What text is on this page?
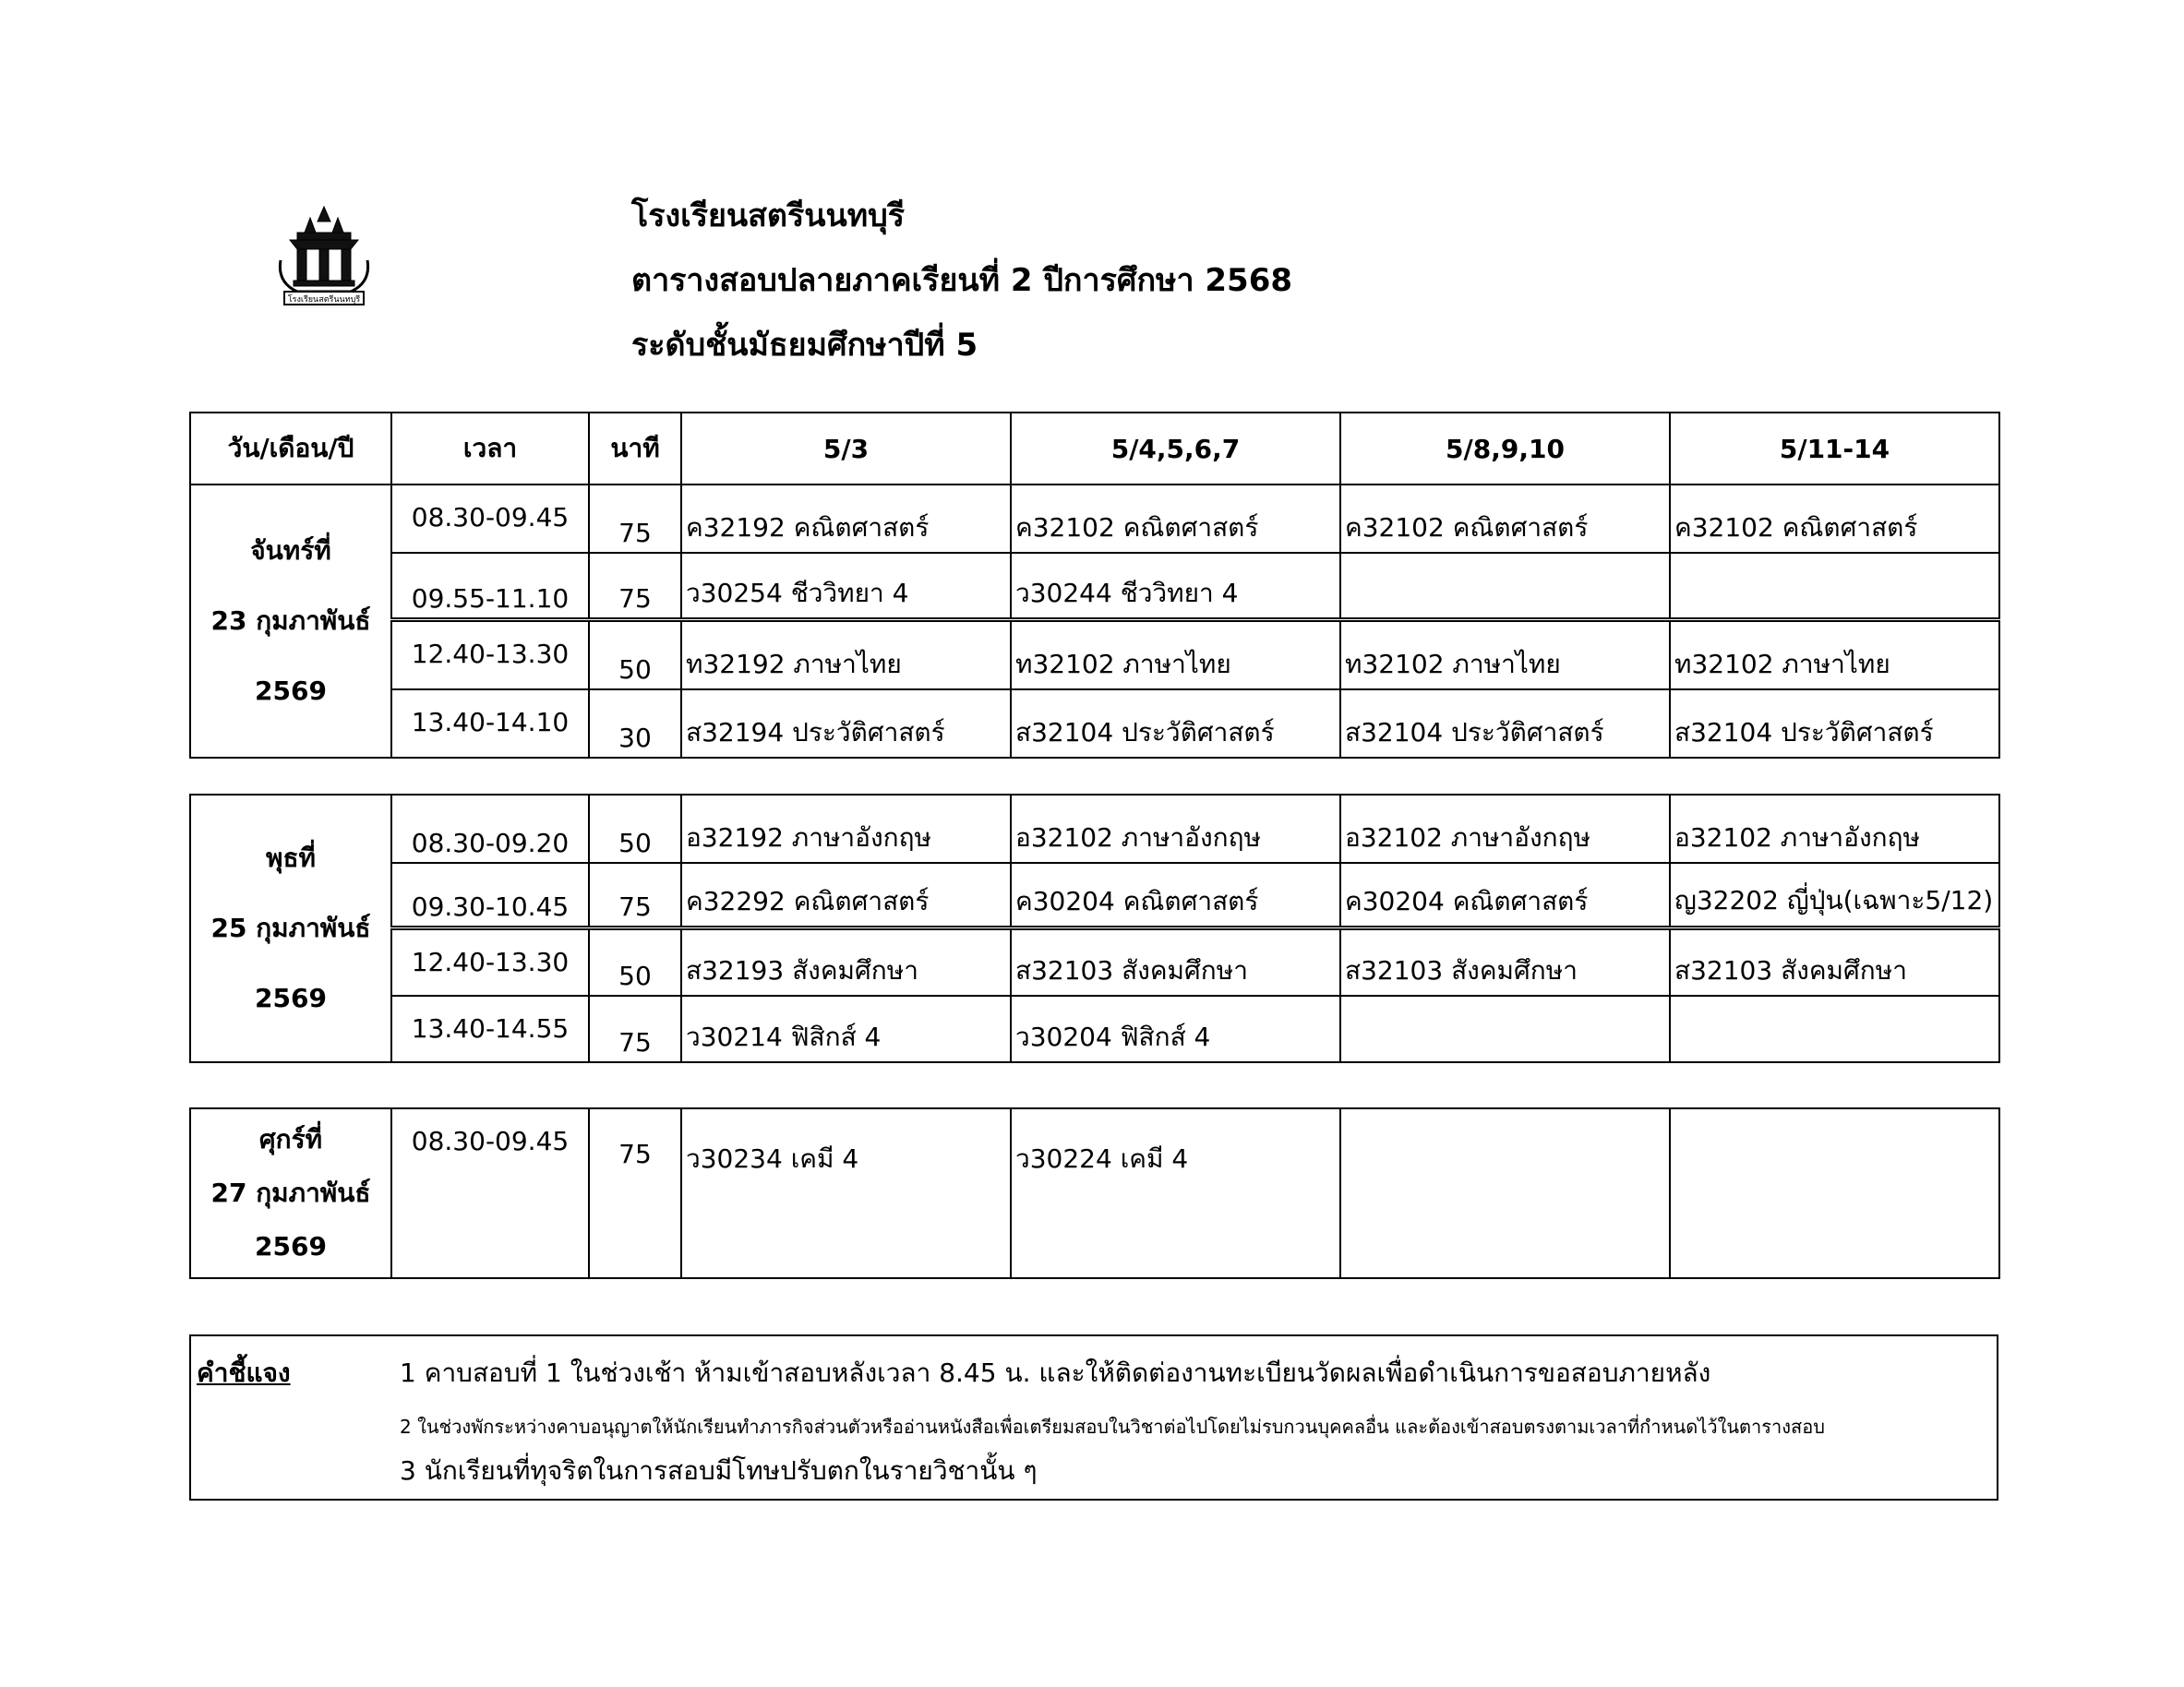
โรงเรียนสตรีนนทบุรี
โรงเรียนสตรีนนทบุรี
ตารางสอบปลายภาคเรียนที่ 2 ปีการศึกษา 2568
ระดับชั้นมัธยมศึกษาปีที่ 5
วัน/เดือน/ปี	เวลา	นาที	5/3	5/4,5,6,7	5/8,9,10	5/11-14

จันทร์ที่
23 กุมภาพันธ์
2569	08.30-09.45	75	ค32192 คณิตศาสตร์	ค32102 คณิตศาสตร์	ค32102 คณิตศาสตร์	ค32102 คณิตศาสตร์
	09.55-11.10	75	ว30254 ชีววิทยา 4	ว30244 ชีววิทยา 4		
	12.40-13.30	50	ท32192 ภาษาไทย	ท32102 ภาษาไทย	ท32102 ภาษาไทย	ท32102 ภาษาไทย
	13.40-14.10	30	ส32194 ประวัติศาสตร์	ส32104 ประวัติศาสตร์	ส32104 ประวัติศาสตร์	ส32104 ประวัติศาสตร์
พุธที่
25 กุมภาพันธ์
2569	08.30-09.20	50	อ32192 ภาษาอังกฤษ	อ32102 ภาษาอังกฤษ	อ32102 ภาษาอังกฤษ	อ32102 ภาษาอังกฤษ
	09.30-10.45	75	ค32292 คณิตศาสตร์	ค30204 คณิตศาสตร์	ค30204 คณิตศาสตร์	ญ32202 ญี่ปุ่น(เฉพาะ5/12)
	12.40-13.30	50	ส32193 สังคมศึกษา	ส32103 สังคมศึกษา	ส32103 สังคมศึกษา	ส32103 สังคมศึกษา
	13.40-14.55	75	ว30214 ฟิสิกส์ 4	ว30204 ฟิสิกส์ 4		
ศุกร์ที่
27 กุมภาพันธ์
2569
	08.30-09.45	75	ว30234 เคมี 4	ว30224 เคมี 4		
คำชี้แจง	1 คาบสอบที่ 1 ในช่วงเช้า ห้ามเข้าสอบหลังเวลา 8.45 น. และให้ติดต่องานทะเบียนวัดผลเพื่อดำเนินการขอสอบภายหลัง
2 ในช่วงพักระหว่างคาบอนุญาตให้นักเรียนทำภารกิจส่วนตัวหรืออ่านหนังสือเพื่อเตรียมสอบในวิชาต่อไปโดยไม่รบกวนบุคคลอื่น และต้องเข้าสอบตรงตามเวลาที่กำหนดไว้ในตารางสอบ
3 นักเรียนที่ทุจริตในการสอบมีโทษปรับตกในรายวิชานั้น ๆ
